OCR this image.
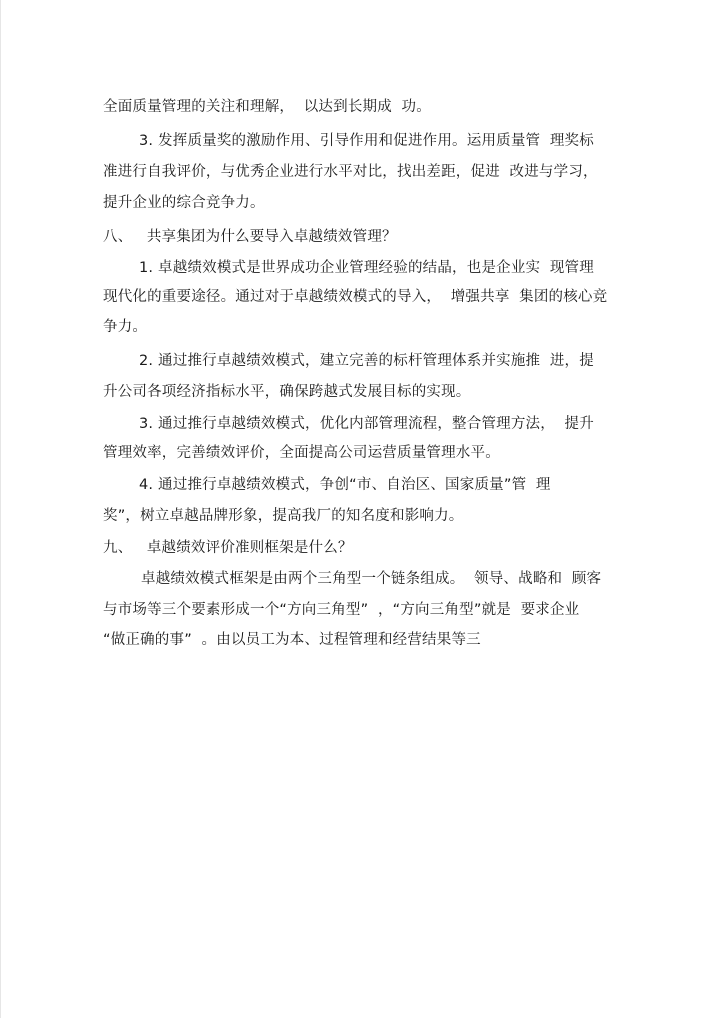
全面质量管理的关注和理解，  以达到长期成  功。
3. 发挥质量奖的激励作用、引导作用和促进作用。运用质量管  理奖标
准进行自我评价，与优秀企业进行水平对比，找出差距，促进  改进与学习，
提升企业的综合竞争力。
八、   共享集团为什么要导入卓越绩效管理？
1. 卓越绩效模式是世界成功企业管理经验的结晶，也是企业实  现管理
现代化的重要途径。通过对于卓越绩效模式的导入，  增强共享  集团的核心竞
争力。
2. 通过推行卓越绩效模式，建立完善的标杆管理体系并实施推  进，提
升公司各项经济指标水平，确保跨越式发展目标的实现。
3. 通过推行卓越绩效模式，优化内部管理流程，整合管理方法，  提升
管理效率，完善绩效评价，全面提高公司运营质量管理水平。
4. 通过推行卓越绩效模式，争创“市、自治区、国家质量”管  理
奖”，树立卓越品牌形象，提高我厂的知名度和影响力。
九、   卓越绩效评价准则框架是什么？
卓越绩效模式框架是由两个三角型一个链条组成。  领导、战略和  顾客
与市场等三个要素形成一个“方向三角型”  ，“方向三角型”就是  要求企业
“做正确的事”  。由以员工为本、过程管理和经营结果等三
